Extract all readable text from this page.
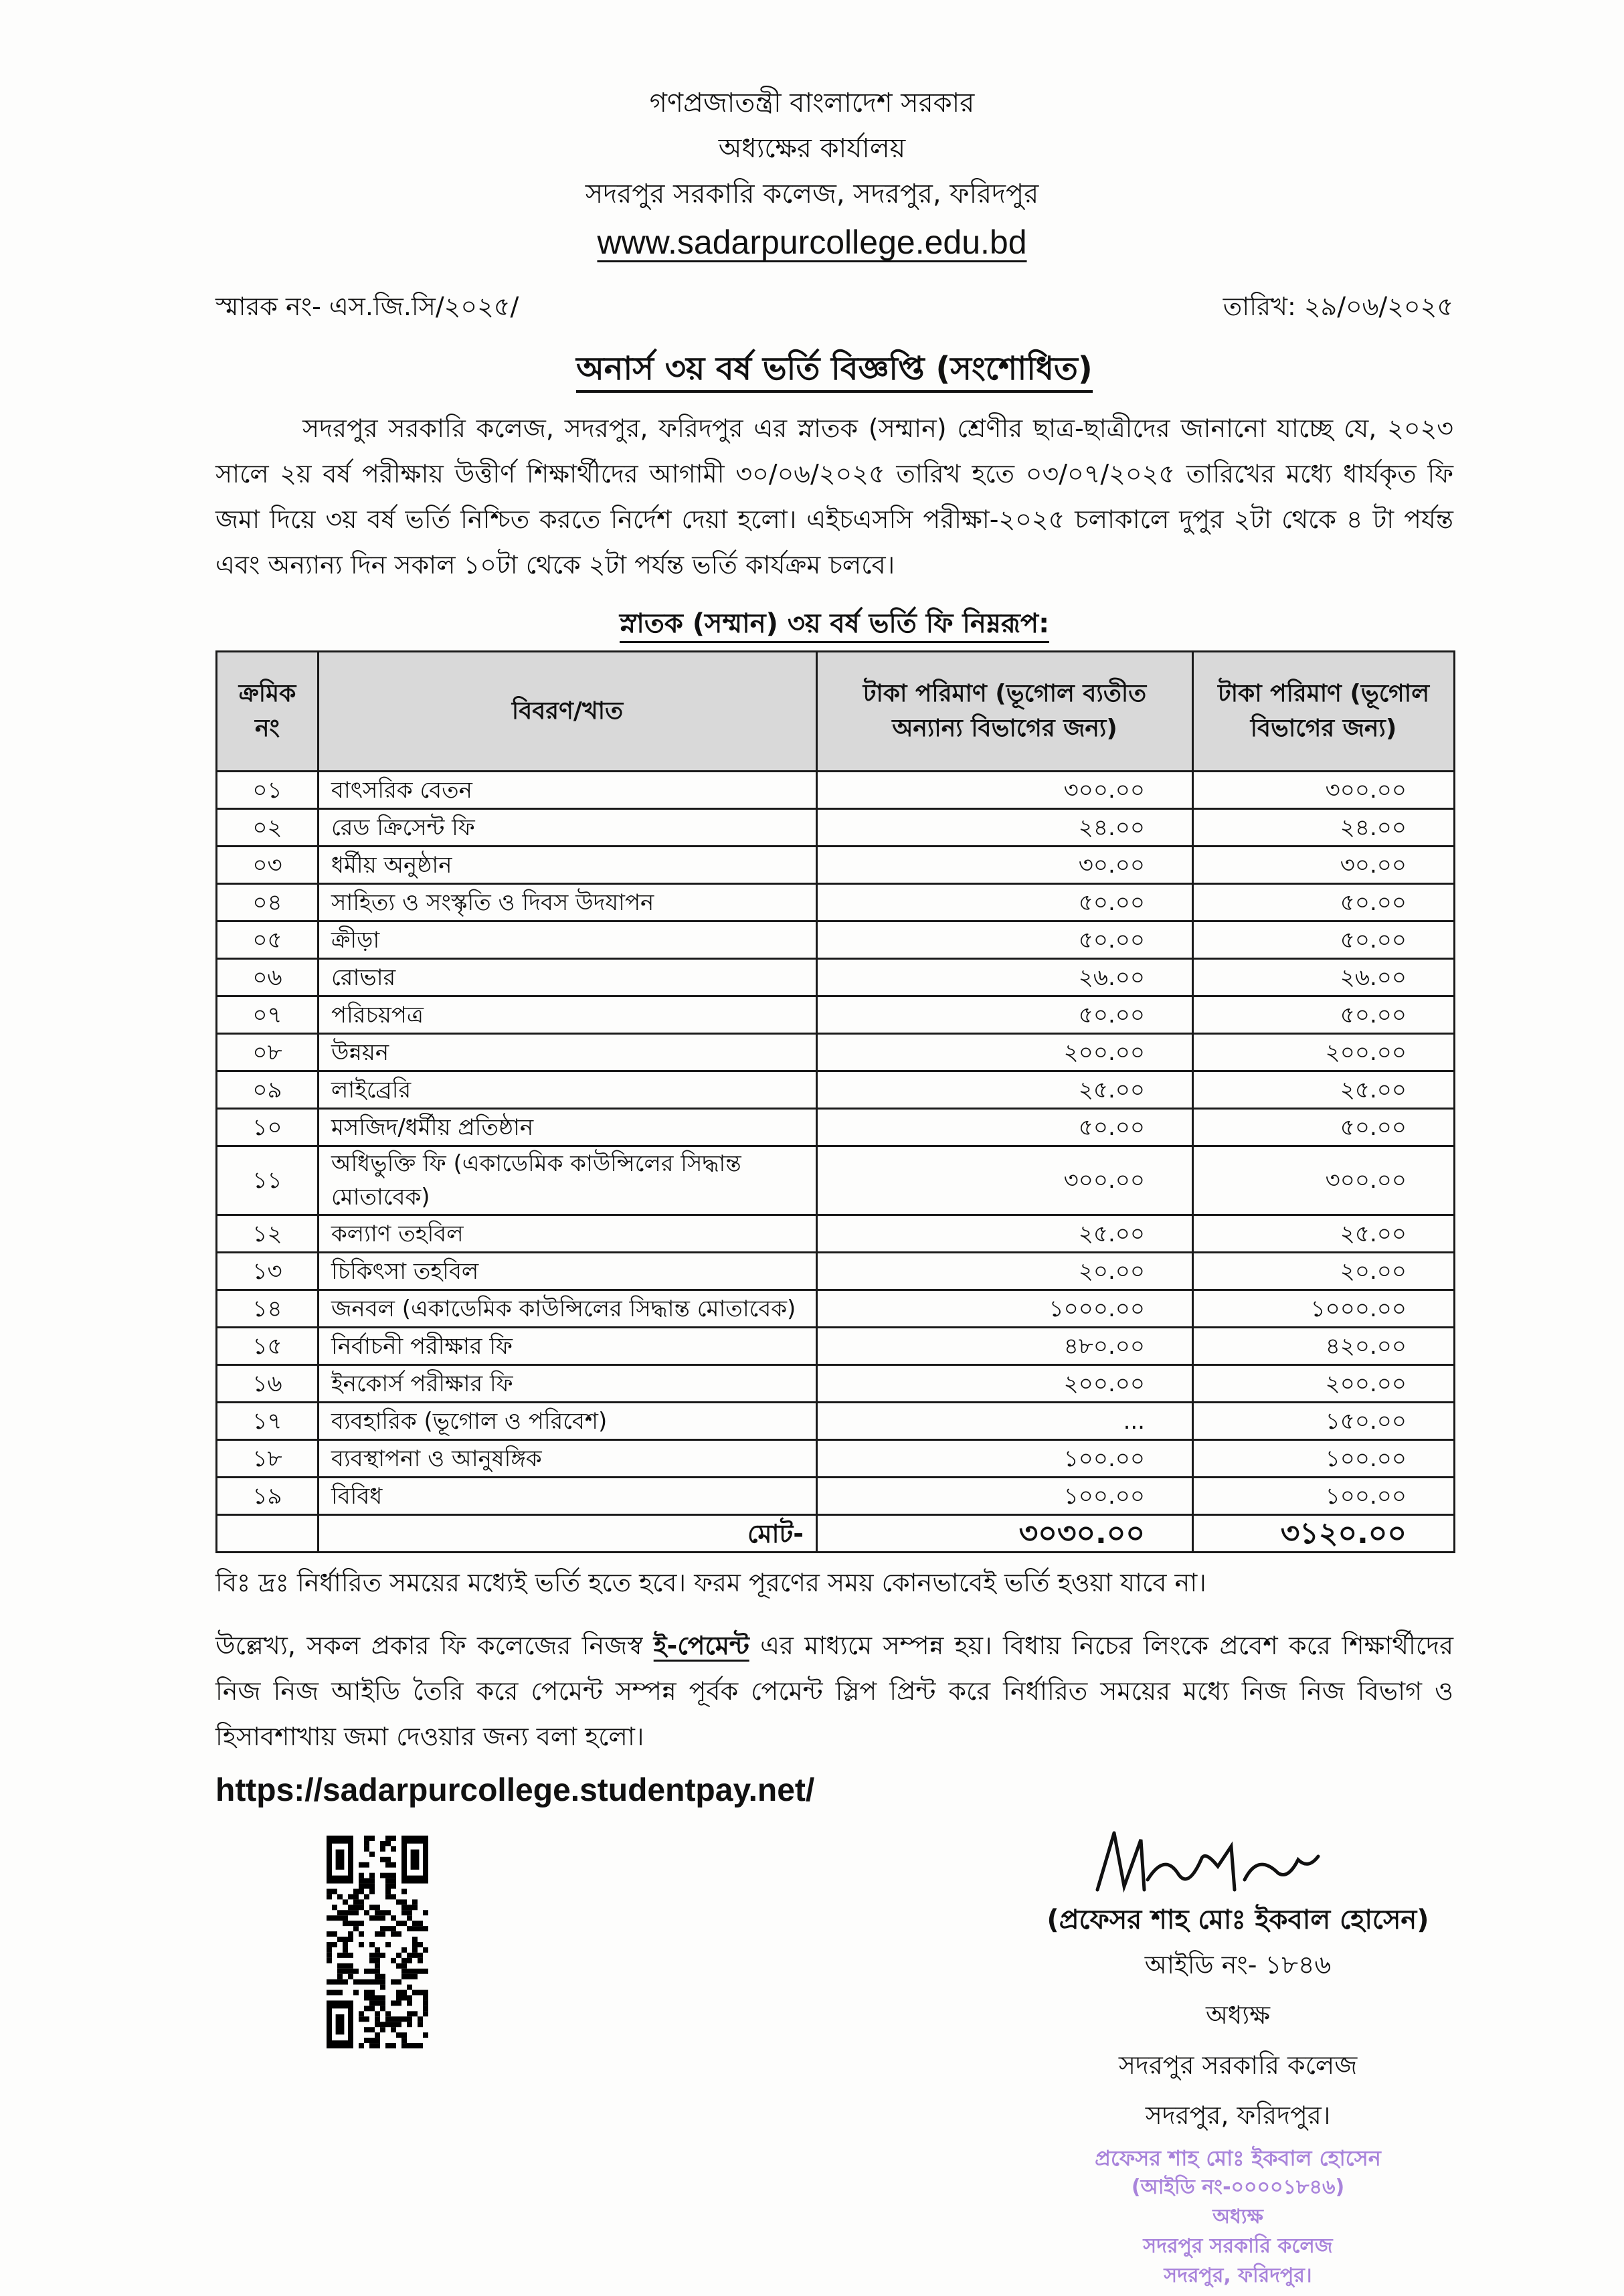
গণপ্রজাতন্ত্রী বাংলাদেশ সরকার
অধ্যক্ষের কার্যালয়
সদরপুর সরকারি কলেজ, সদরপুর, ফরিদপুর
www.sadarpurcollege.edu.bd
স্মারক নং- এস.জি.সি/২০২৫/	তারিখ: ২৯/০৬/২০২৫
অনার্স ৩য় বর্ষ ভর্তি বিজ্ঞপ্তি (সংশোধিত)
সদরপুর সরকারি কলেজ, সদরপুর, ফরিদপুর এর স্নাতক (সম্মান) শ্রেণীর ছাত্র-ছাত্রীদের জানানো যাচ্ছে যে, ২০২৩ সালে ২য় বর্ষ পরীক্ষায় উত্তীর্ণ শিক্ষার্থীদের আগামী ৩০/০৬/২০২৫ তারিখ হতে ০৩/০৭/২০২৫ তারিখের মধ্যে ধার্যকৃত ফি জমা দিয়ে ৩য় বর্ষ ভর্তি নিশ্চিত করতে নির্দেশ দেয়া হলো। এইচএসসি পরীক্ষা-২০২৫ চলাকালে দুপুর ২টা থেকে ৪ টা পর্যন্ত এবং অন্যান্য দিন সকাল ১০টা থেকে ২টা পর্যন্ত ভর্তি কার্যক্রম চলবে।
স্নাতক (সম্মান) ৩য় বর্ষ ভর্তি ফি নিম্নরূপ:
ক্রমিক নং	বিবরণ/খাত	টাকা পরিমাণ (ভূগোল ব্যতীত অন্যান্য বিভাগের জন্য)	টাকা পরিমাণ (ভূগোল বিভাগের জন্য)
০১	বাৎসরিক বেতন	৩০০.০০	৩০০.০০
০২	রেড ক্রিসেন্ট ফি	২৪.০০	২৪.০০
০৩	ধর্মীয় অনুষ্ঠান	৩০.০০	৩০.০০
০৪	সাহিত্য ও সংস্কৃতি ও দিবস উদযাপন	৫০.০০	৫০.০০
০৫	ক্রীড়া	৫০.০০	৫০.০০
০৬	রোভার	২৬.০০	২৬.০০
০৭	পরিচয়পত্র	৫০.০০	৫০.০০
০৮	উন্নয়ন	২০০.০০	২০০.০০
০৯	লাইব্রেরি	২৫.০০	২৫.০০
১০	মসজিদ/ধর্মীয় প্রতিষ্ঠান	৫০.০০	৫০.০০
১১	অধিভুক্তি ফি (একাডেমিক কাউন্সিলের সিদ্ধান্ত মোতাবেক)	৩০০.০০	৩০০.০০
১২	কল্যাণ তহবিল	২৫.০০	২৫.০০
১৩	চিকিৎসা তহবিল	২০.০০	২০.০০
১৪	জনবল (একাডেমিক কাউন্সিলের সিদ্ধান্ত মোতাবেক)	১০০০.০০	১০০০.০০
১৫	নির্বাচনী পরীক্ষার ফি	৪৮০.০০	৪২০.০০
১৬	ইনকোর্স পরীক্ষার ফি	২০০.০০	২০০.০০
১৭	ব্যবহারিক (ভূগোল ও পরিবেশ)	...	১৫০.০০
১৮	ব্যবস্থাপনা ও আনুষঙ্গিক	১০০.০০	১০০.০০
১৯	বিবিধ	১০০.০০	১০০.০০
	মোট-	৩০৩০.০০	৩১২০.০০
বিঃ দ্রঃ নির্ধারিত সময়ের মধ্যেই ভর্তি হতে হবে। ফরম পূরণের সময় কোনভাবেই ভর্তি হওয়া যাবে না।
উল্লেখ্য, সকল প্রকার ফি কলেজের নিজস্ব ই-পেমেন্ট এর মাধ্যমে সম্পন্ন হয়। বিধায় নিচের লিংকে প্রবেশ করে শিক্ষার্থীদের নিজ নিজ আইডি তৈরি করে পেমেন্ট সম্পন্ন পূর্বক পেমেন্ট স্লিপ প্রিন্ট করে নির্ধারিত সময়ের মধ্যে নিজ নিজ বিভাগ ও হিসাবশাখায় জমা দেওয়ার জন্য বলা হলো।
https://sadarpurcollege.studentpay.net/
(প্রফেসর শাহ মোঃ ইকবাল হোসেন)
আইডি নং- ১৮৪৬
অধ্যক্ষ
সদরপুর সরকারি কলেজ
সদরপুর, ফরিদপুর।
প্রফেসর শাহ মোঃ ইকবাল হোসেন
(আইডি নং-০০০০১৮৪৬)
অধ্যক্ষ
সদরপুর সরকারি কলেজ
সদরপুর, ফরিদপুর।
